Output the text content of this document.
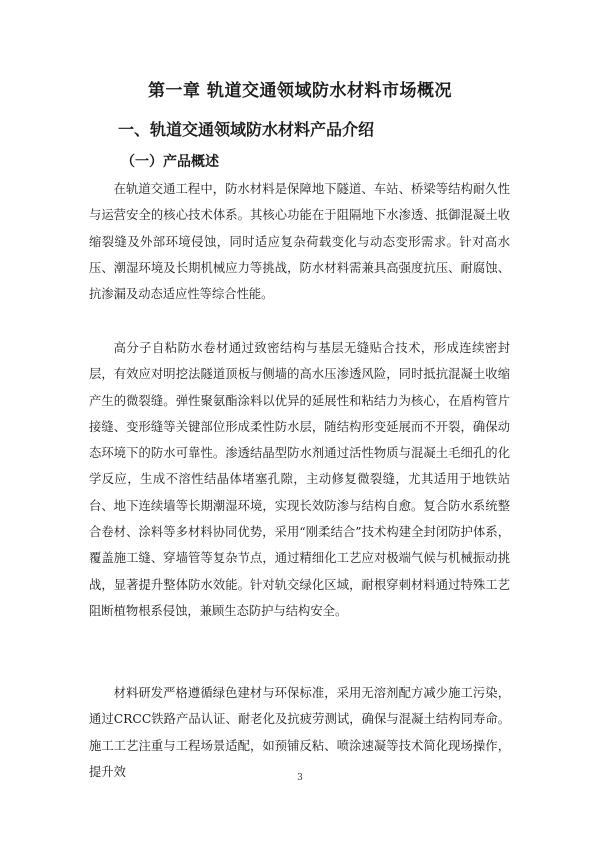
第一章 轨道交通领域防水材料市场概况
一、轨道交通领域防水材料产品介绍
（一）产品概述

在轨道交通工程中，防水材料是保障地下隧道、车站、桥梁等结构耐久性与运营安全的核心技术体系。其核心功能在于阻隔地下水渗透、抵御混凝土收缩裂缝及外部环境侵蚀，同时适应复杂荷载变化与动态变形需求。针对高水压、潮湿环境及长期机械应力等挑战，防水材料需兼具高强度抗压、耐腐蚀、抗渗漏及动态适应性等综合性能。

高分子自粘防水卷材通过致密结构与基层无缝贴合技术，形成连续密封层，有效应对明挖法隧道顶板与侧墙的高水压渗透风险，同时抵抗混凝土收缩产生的微裂缝。弹性聚氨酯涂料以优异的延展性和粘结力为核心，在盾构管片接缝、变形缝等关键部位形成柔性防水层，随结构形变延展而不开裂，确保动态环境下的防水可靠性。渗透结晶型防水剂通过活性物质与混凝土毛细孔的化学反应，生成不溶性结晶体堵塞孔隙，主动修复微裂缝，尤其适用于地铁站台、地下连续墙等长期潮湿环境，实现长效防渗与结构自愈。复合防水系统整合卷材、涂料等多材料协同优势，采用“刚柔结合”技术构建全封闭防护体系，覆盖施工缝、穿墙管等复杂节点，通过精细化工艺应对极端气候与机械振动挑战，显著提升整体防水效能。针对轨交绿化区域，耐根穿刺材料通过特殊工艺阻断植物根系侵蚀，兼顾生态防护与结构安全。

材料研发严格遵循绿色建材与环保标准，采用无溶剂配方减少施工污染，通过CRCC铁路产品认证、耐老化及抗疲劳测试，确保与混凝土结构同寿命。施工工艺注重与工程场景适配，如预铺反粘、喷涂速凝等技术简化现场操作，提升效	3
